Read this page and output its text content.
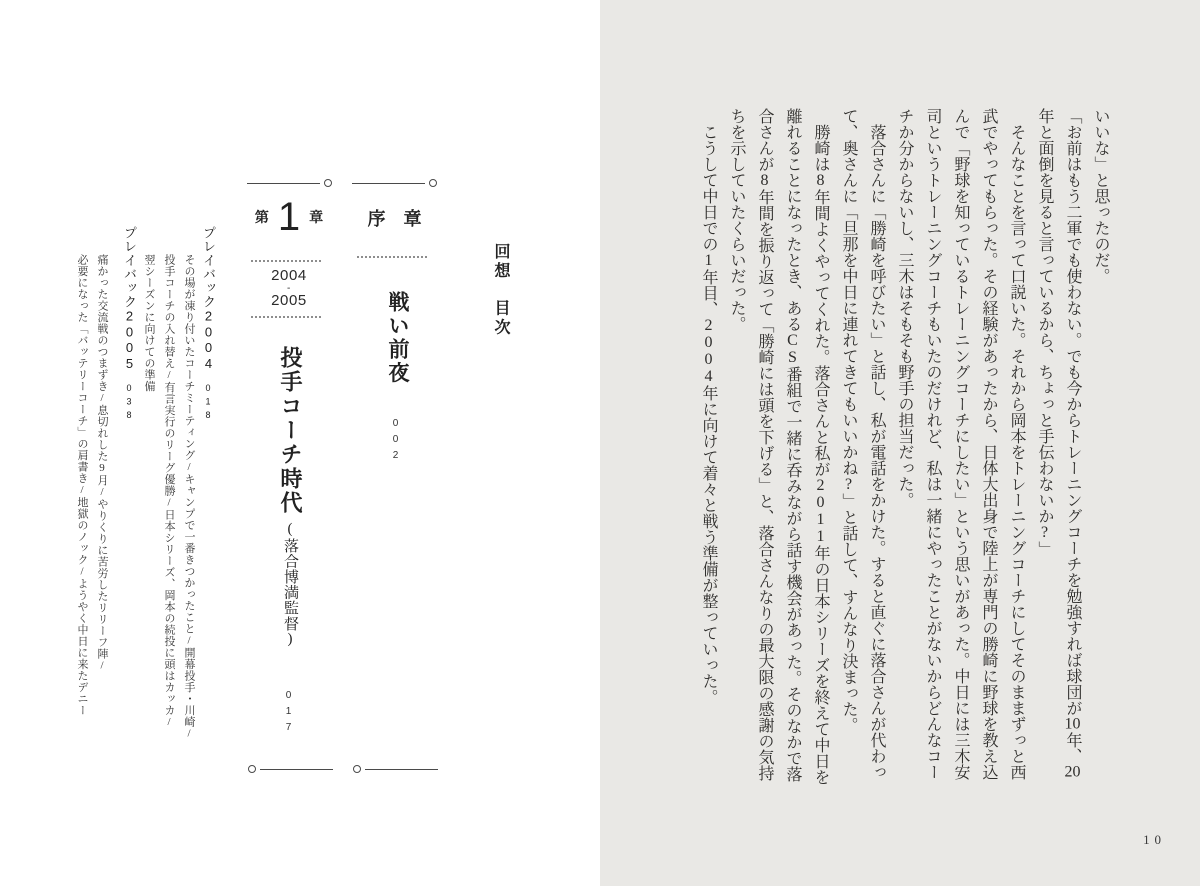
回想　目次
序　章
戦い前夜
002
第 1 章
2004
-
2005
投手コーチ時代(落合博満監督)
017
プレイバック2004018
その場が凍り付いたコーチミーティング/キャンプで一番きつかったこと/開幕投手・川崎/
投手コーチの入れ替え/有言実行のリーグ優勝/日本シリーズ、岡本の続投に頭はカッカ/
翌シーズンに向けての準備
プレイバック2005038
痛かった交流戦のつまずき/息切れした9月/やりくりに苦労したリリーフ陣/
必要になった「バッテリーコーチ」の肩書き/地獄のノック/ようやく中日に来たデニー

いいな」と思ったのだ。

「お前はもう二軍でも使わない。でも今からトレーニングコーチを勉強すれば球団が10年、20年と面倒を見ると言っているから、ちょっと手伝わないか?」

そんなことを言って口説いた。それから岡本をトレーニングコーチにしてそのままずっと西武でやってもらった。その経験があったから、日体大出身で陸上が専門の勝崎に野球を教え込んで「野球を知っているトレーニングコーチにしたい」という思いがあった。中日には三木安司というトレーニングコーチもいたのだけれど、私は一緒にやったことがないからどんなコーチか分からないし、三木はそもそも野手の担当だった。

落合さんに「勝崎を呼びたい」と話し、私が電話をかけた。すると直ぐに落合さんが代わって、奥さんに「旦那を中日に連れてきてもいいかね?」と話して、すんなり決まった。

勝崎は8年間よくやってくれた。落合さんと私が2011年の日本シリーズを終えて中日を離れることになったとき、あるCS番組で一緒に呑みながら話す機会があった。そのなかで落合さんが8年間を振り返って「勝崎には頭を下げる」と、落合さんなりの最大限の感謝の気持ちを示していたくらいだった。

こうして中日での1年目、2004年に向けて着々と戦う準備が整っていった。

10
